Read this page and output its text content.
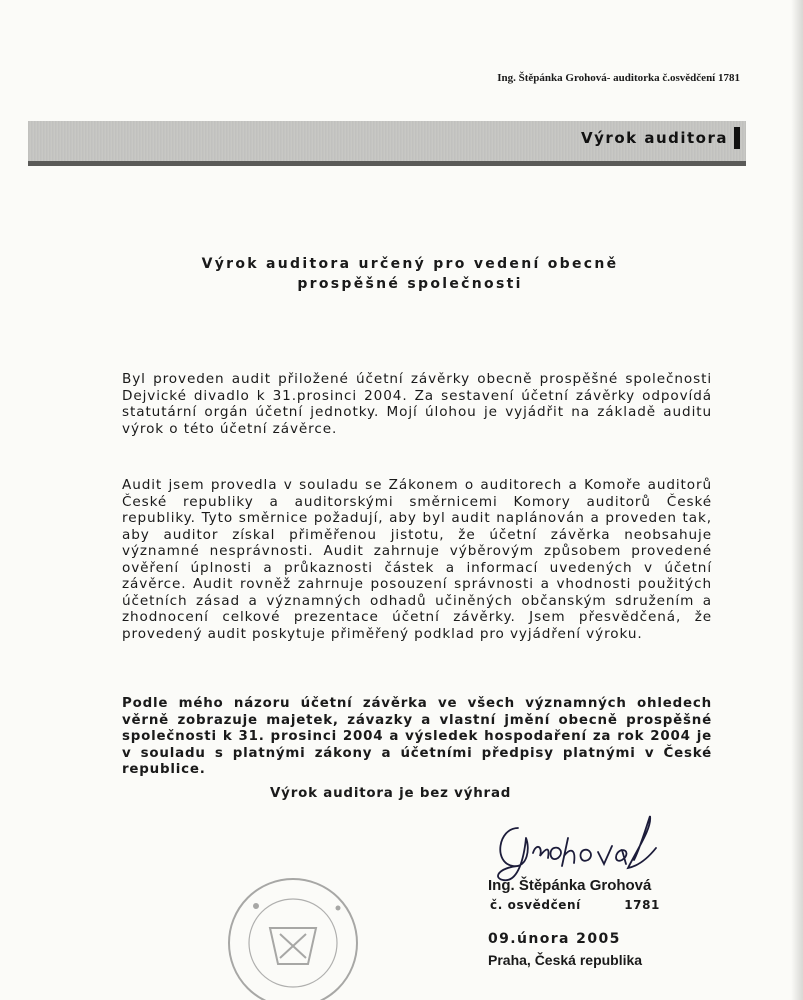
Ing. Štěpánka Grohová- auditorka č.osvědčení 1781
Výrok auditora
Výrok auditora určený pro vedení obecně
prospěšné společnosti

Byl proveden audit přiložené účetní závěrky obecně prospěšné společnosti Dejvické divadlo k 31.prosinci 2004. Za sestavení účetní závěrky odpovídá statutární orgán účetní jednotky. Mojí úlohou je vyjádřit na základě auditu výrok o této účetní závěrce.

Audit jsem provedla v souladu se Zákonem o auditorech a Komoře auditorů České republiky a auditorskými směrnicemi Komory auditorů České republiky. Tyto směrnice požadují, aby byl audit naplánován a proveden tak, aby auditor získal přiměřenou jistotu, že účetní závěrka neobsahuje významné nesprávnosti. Audit zahrnuje výběrovým způsobem provedené ověření úplnosti a průkaznosti částek a informací uvedených v účetní závěrce. Audit rovněž zahrnuje posouzení správnosti a vhodnosti použitých účetních zásad a významných odhadů učiněných občanským sdružením a zhodnocení celkové prezentace účetní závěrky. Jsem přesvědčená, že provedený audit poskytuje přiměřený podklad pro vyjádření výroku.

Podle mého názoru účetní závěrka ve všech významných ohledech věrně zobrazuje majetek, závazky a vlastní jmění obecně prospěšné společnosti k 31. prosinci 2004 a výsledek hospodaření za rok 2004 je v souladu s platnými zákony a účetními předpisy platnými v České republice.

Výrok auditora je bez výhrad
Ing. Štěpánka Grohová
č. osvědčení	1781
09.února 2005
Praha, Česká republika
